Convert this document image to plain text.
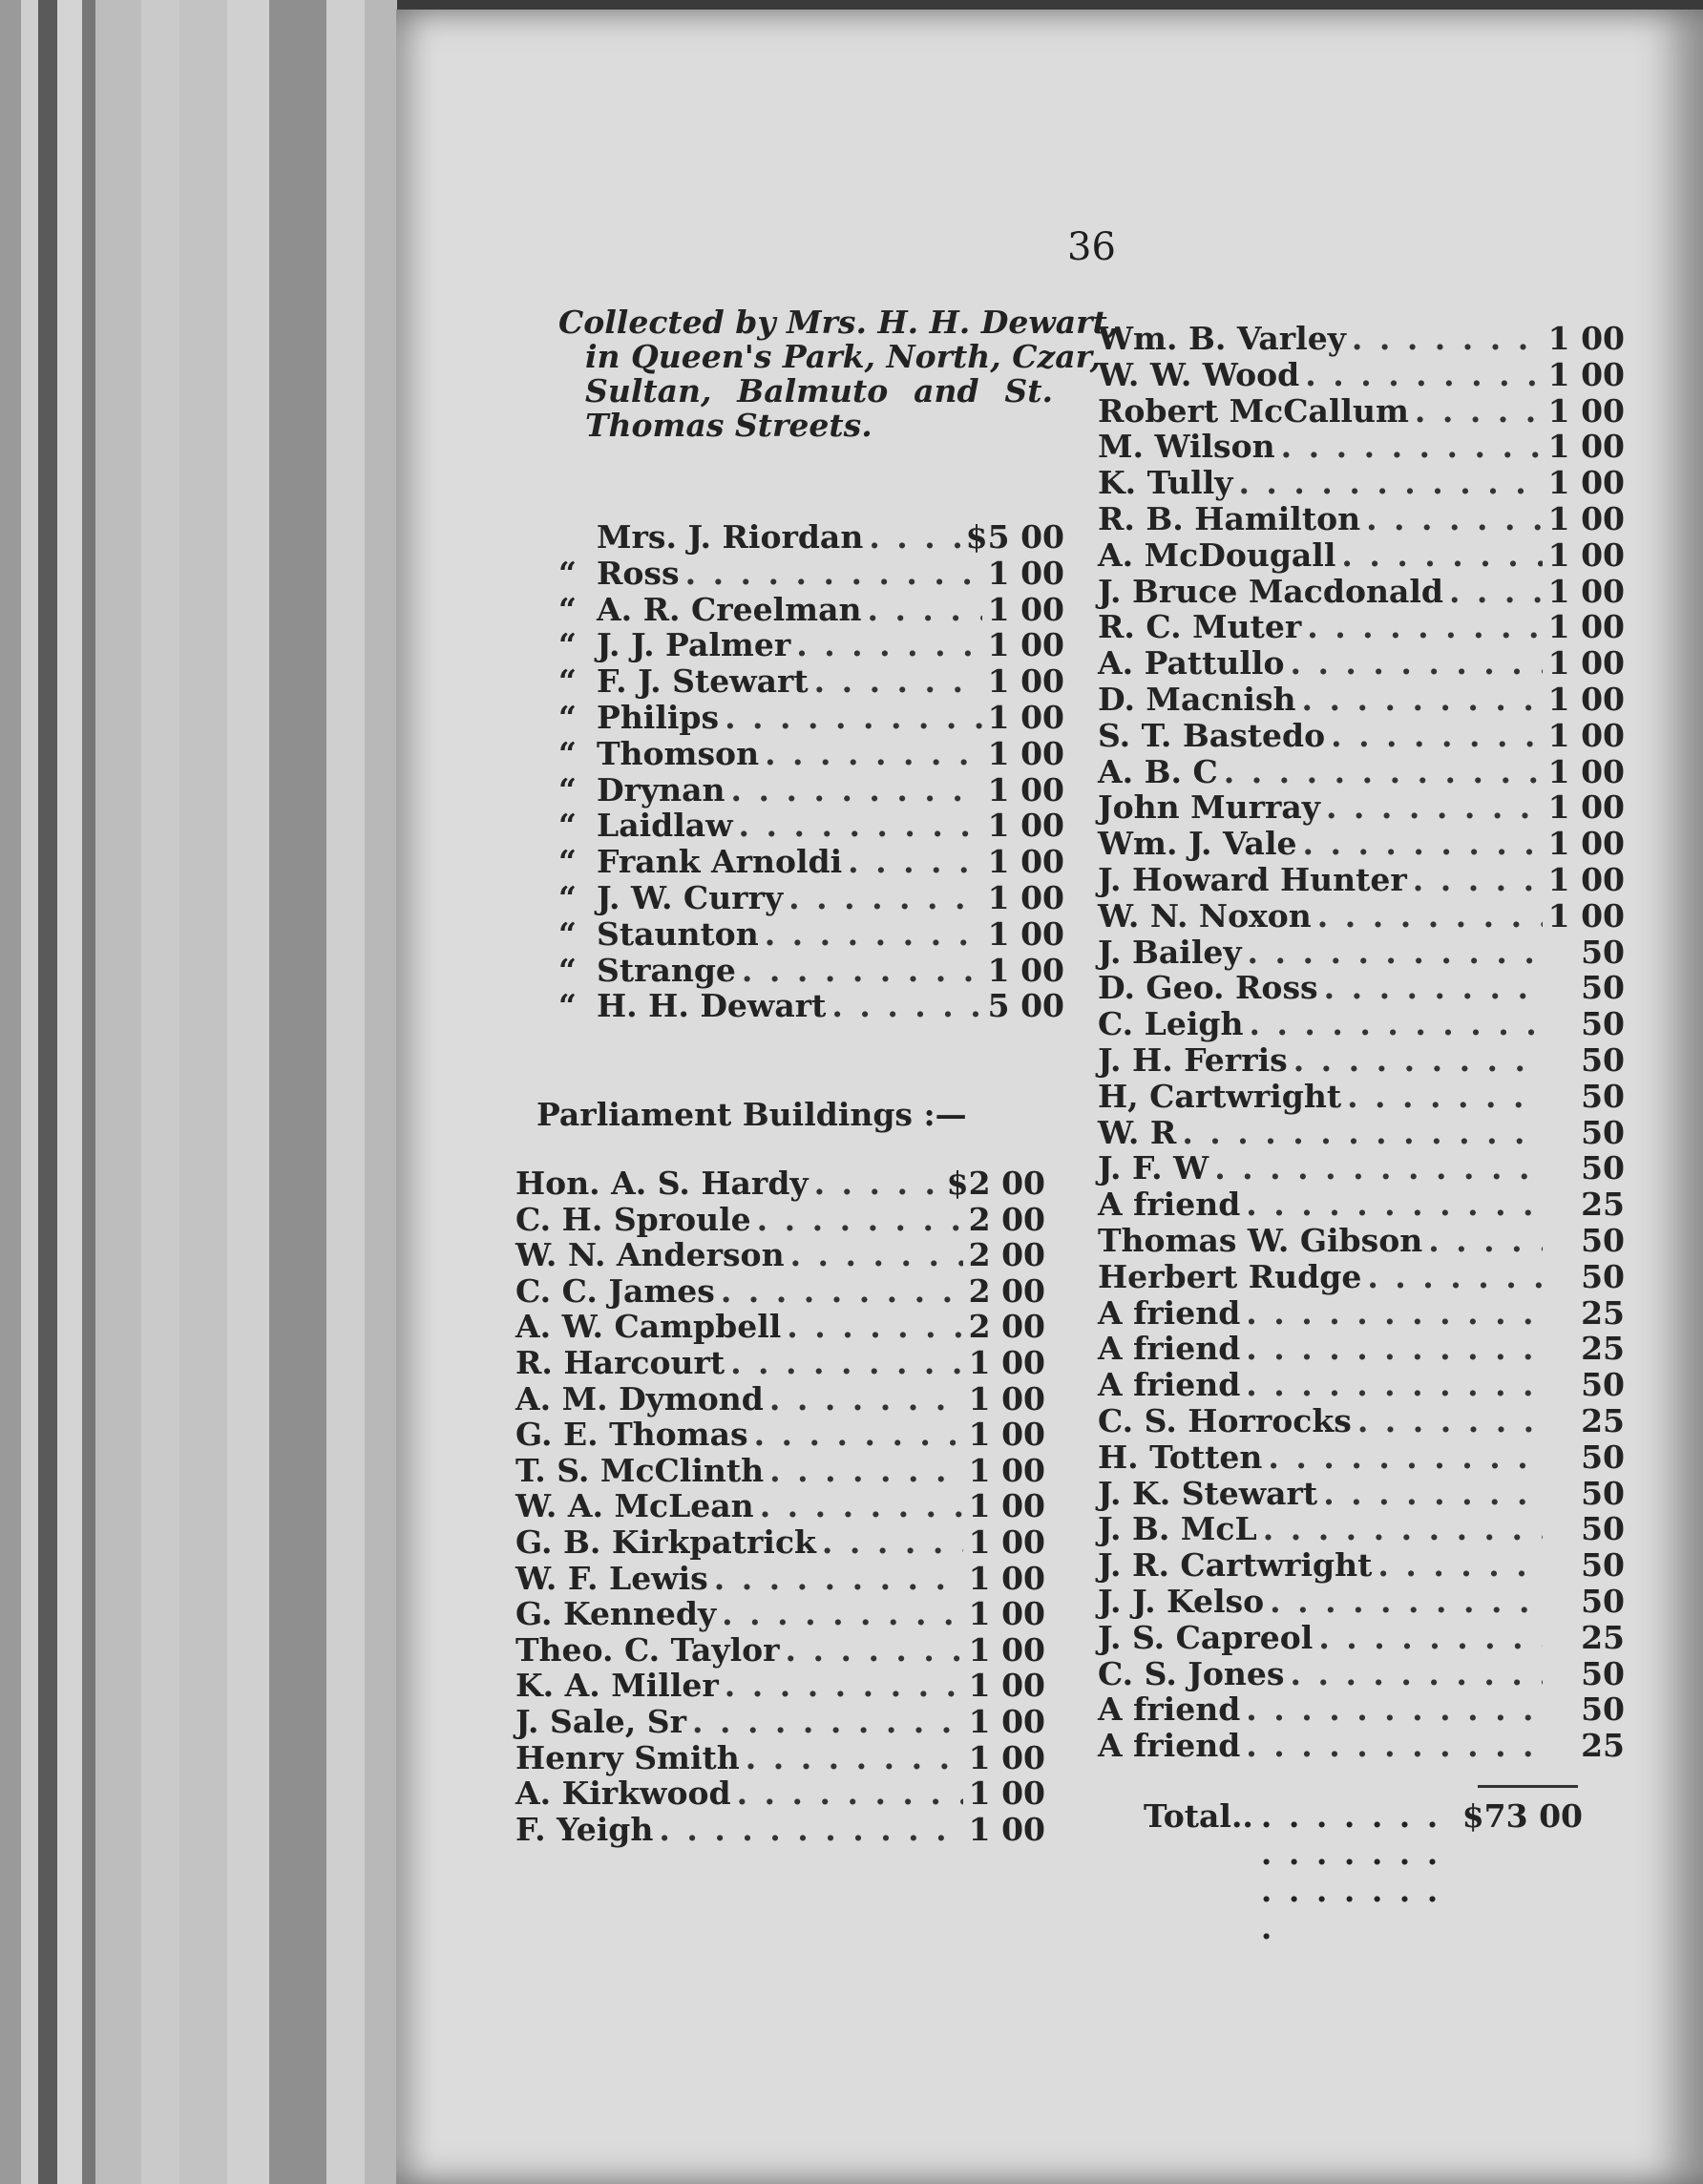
36
Collected by Mrs. H. H. Dewart,
in Queen's Park, North, Czar,
Sultan, Balmuto and St.
Thomas Streets.
Parliament Buildings :—
Mrs. J. Riordan . . .	$5 00
“ Ross . . .	1 00
“ A. R. Creelman . . .	1 00
“ J. J. Palmer . . .	1 00
“ F. J. Stewart . . .	1 00
“ Philips . . .	1 00
“ Thomson . . .	1 00
“ Drynan . . .	1 00
“ Laidlaw . . .	1 00
“ Frank Arnoldi . . .	1 00
“ J. W. Curry . . .	1 00
“ Staunton . . .	1 00
“ Strange . . .	1 00
“ H. H. Dewart . . .	5 00
Hon. A. S. Hardy . . .	$2 00
C. H. Sproule . . .	2 00
W. N. Anderson . . .	2 00
C. C. James . . .	2 00
A. W. Campbell . . .	2 00
R. Harcourt . . .	1 00
A. M. Dymond . . .	1 00
G. E. Thomas . . .	1 00
T. S. McClinth . . .	1 00
W. A. McLean . . .	1 00
G. B. Kirkpatrick . . .	1 00
W. F. Lewis . . .	1 00
G. Kennedy . . .	1 00
Theo. C. Taylor . . .	1 00
K. A. Miller . . .	1 00
J. Sale, Sr . . .	1 00
Henry Smith . . .	1 00
A. Kirkwood . . .	1 00
F. Yeigh . . .	1 00
Wm. B. Varley . . .	1 00
W. W. Wood . . .	1 00
Robert McCallum . . .	1 00
M. Wilson . . .	1 00
K. Tully . . .	1 00
R. B. Hamilton . . .	1 00
A. McDougall . . .	1 00
J. Bruce Macdonald . . .	1 00
R. C. Muter . . .	1 00
A. Pattullo . . .	1 00
D. Macnish . . .	1 00
S. T. Bastedo . . .	1 00
A. B. C . . .	1 00
John Murray . . .	1 00
Wm. J. Vale . . .	1 00
J. Howard Hunter . . .	1 00
W. N. Noxon . . .	1 00
J. Bailey . . .	50
D. Geo. Ross . . .	50
C. Leigh . . .	50
J. H. Ferris . . .	50
H, Cartwright . . .	50
W. R . . .	50
J. F. W . . .	50
A friend . . .	25
Thomas W. Gibson . . .	50
Herbert Rudge . . .	50
A friend . . .	25
A friend . . .	25
A friend . . .	50
C. S. Horrocks . . .	25
H. Totten . . .	50
J. K. Stewart . . .	50
J. B. McL . . .	50
J. R. Cartwright . . .	50
J. J. Kelso . . .	50
J. S. Capreol . . .	25
C. S. Jones . . .	50
A friend . . .	50
A friend . . .	25
Total.. . . .	$73 00
